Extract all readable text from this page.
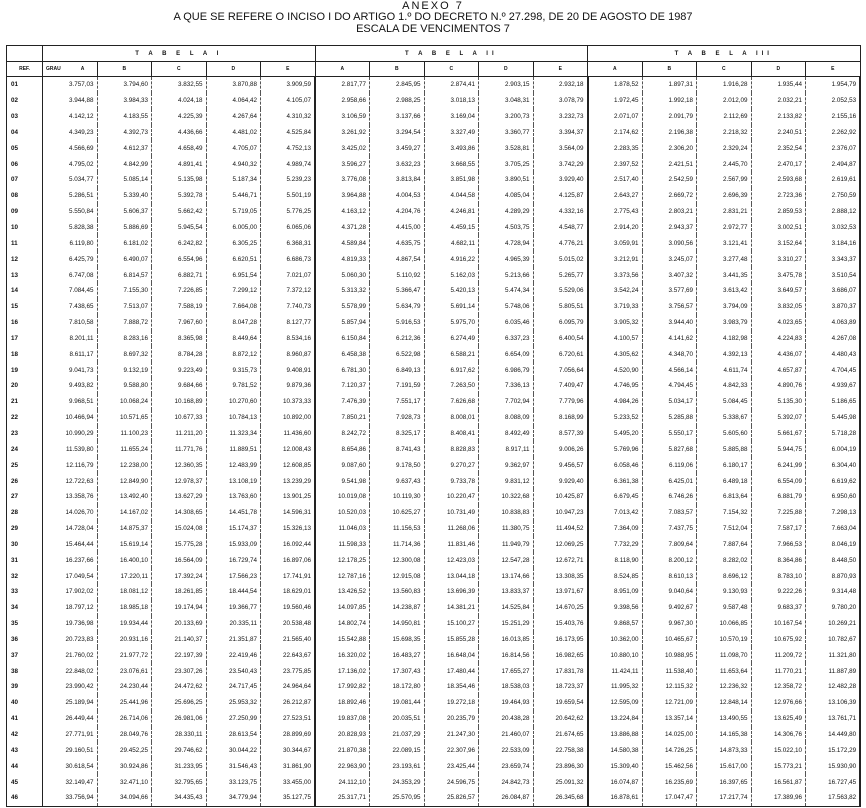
ANEXO 7
A QUE SE REFERE O INCISO I DO ARTIGO 1.º DO DECRETO N.º 27.298, DE 20 DE AGOSTO DE 1987
ESCALA DE VENCIMENTOS 7
	T A B E L A I					T A B E L A II					T A B E L A III				
REF.	GRAU A	B	C	D	E	A	B	C	D	E	A	B	C	D	E
01	3.757,03	3.794,60	3.832,55	3.870,88	3.909,59	2.817,77	2.845,95	2.874,41	2.903,15	2.932,18	1.878,52	1.897,31	1.916,28	1.935,44	1.954,79
02	3.944,88	3.984,33	4.024,18	4.064,42	4.105,07	2.958,66	2.988,25	3.018,13	3.048,31	3.078,79	1.972,45	1.992,18	2.012,09	2.032,21	2.052,53
03	4.142,12	4.183,55	4.225,39	4.267,64	4.310,32	3.106,59	3.137,66	3.169,04	3.200,73	3.232,73	2.071,07	2.091,79	2.112,69	2.133,82	2.155,16
04	4.349,23	4.392,73	4.436,66	4.481,02	4.525,84	3.261,92	3.294,54	3.327,49	3.360,77	3.394,37	2.174,62	2.196,38	2.218,32	2.240,51	2.262,92
05	4.566,69	4.612,37	4.658,49	4.705,07	4.752,13	3.425,02	3.459,27	3.493,86	3.528,81	3.564,09	2.283,35	2.306,20	2.329,24	2.352,54	2.376,07
06	4.795,02	4.842,99	4.891,41	4.940,32	4.989,74	3.596,27	3.632,23	3.668,55	3.705,25	3.742,29	2.397,52	2.421,51	2.445,70	2.470,17	2.494,87
07	5.034,77	5.085,14	5.135,98	5.187,34	5.239,23	3.776,08	3.813,84	3.851,98	3.890,51	3.929,40	2.517,40	2.542,59	2.567,99	2.593,68	2.619,61
08	5.286,51	5.339,40	5.392,78	5.446,71	5.501,19	3.964,88	4.004,53	4.044,58	4.085,04	4.125,87	2.643,27	2.669,72	2.696,39	2.723,36	2.750,59
09	5.550,84	5.606,37	5.662,42	5.719,05	5.776,25	4.163,12	4.204,76	4.246,81	4.289,29	4.332,16	2.775,43	2.803,21	2.831,21	2.859,53	2.888,12
10	5.828,38	5.886,69	5.945,54	6.005,00	6.065,06	4.371,28	4.415,00	4.459,15	4.503,75	4.548,77	2.914,20	2.943,37	2.972,77	3.002,51	3.032,53
11	6.119,80	6.181,02	6.242,82	6.305,25	6.368,31	4.589,84	4.635,75	4.682,11	4.728,94	4.776,21	3.059,91	3.090,56	3.121,41	3.152,64	3.184,16
12	6.425,79	6.490,07	6.554,96	6.620,51	6.686,73	4.819,33	4.867,54	4.916,22	4.965,39	5.015,02	3.212,91	3.245,07	3.277,48	3.310,27	3.343,37
13	6.747,08	6.814,57	6.882,71	6.951,54	7.021,07	5.060,30	5.110,92	5.162,03	5.213,66	5.265,77	3.373,56	3.407,32	3.441,35	3.475,78	3.510,54
14	7.084,45	7.155,30	7.226,85	7.299,12	7.372,12	5.313,32	5.366,47	5.420,13	5.474,34	5.529,06	3.542,24	3.577,69	3.613,42	3.649,57	3.686,07
15	7.438,65	7.513,07	7.588,19	7.664,08	7.740,73	5.578,99	5.634,79	5.691,14	5.748,06	5.805,51	3.719,33	3.756,57	3.794,09	3.832,05	3.870,37
16	7.810,58	7.888,72	7.967,60	8.047,28	8.127,77	5.857,94	5.916,53	5.975,70	6.035,46	6.095,79	3.905,32	3.944,40	3.983,79	4.023,65	4.063,89
17	8.201,11	8.283,16	8.365,98	8.449,64	8.534,16	6.150,84	6.212,36	6.274,49	6.337,23	6.400,54	4.100,57	4.141,62	4.182,98	4.224,83	4.267,08
18	8.611,17	8.697,32	8.784,28	8.872,12	8.960,87	6.458,38	6.522,98	6.588,21	6.654,09	6.720,61	4.305,62	4.348,70	4.392,13	4.436,07	4.480,43
19	9.041,73	9.132,19	9.223,49	9.315,73	9.408,91	6.781,30	6.849,13	6.917,62	6.986,79	7.056,64	4.520,90	4.566,14	4.611,74	4.657,87	4.704,45
20	9.493,82	9.588,80	9.684,66	9.781,52	9.879,36	7.120,37	7.191,59	7.263,50	7.336,13	7.409,47	4.746,95	4.794,45	4.842,33	4.890,76	4.939,67
21	9.968,51	10.068,24	10.168,89	10.270,60	10.373,33	7.476,39	7.551,17	7.626,68	7.702,94	7.779,96	4.984,26	5.034,17	5.084,45	5.135,30	5.186,65
22	10.466,94	10.571,65	10.677,33	10.784,13	10.892,00	7.850,21	7.928,73	8.008,01	8.088,09	8.168,99	5.233,52	5.285,88	5.338,67	5.392,07	5.445,98
23	10.990,29	11.100,23	11.211,20	11.323,34	11.436,60	8.242,72	8.325,17	8.408,41	8.492,49	8.577,39	5.495,20	5.550,17	5.605,60	5.661,67	5.718,28
24	11.539,80	11.655,24	11.771,76	11.889,51	12.008,43	8.654,86	8.741,43	8.828,83	8.917,11	9.006,26	5.769,96	5.827,68	5.885,88	5.944,75	6.004,19
25	12.116,79	12.238,00	12.360,35	12.483,99	12.608,85	9.087,60	9.178,50	9.270,27	9.362,97	9.456,57	6.058,46	6.119,06	6.180,17	6.241,99	6.304,40
26	12.722,63	12.849,90	12.978,37	13.108,19	13.239,29	9.541,98	9.637,43	9.733,78	9.831,12	9.929,40	6.361,38	6.425,01	6.489,18	6.554,09	6.619,62
27	13.358,76	13.492,40	13.627,29	13.763,60	13.901,25	10.019,08	10.119,30	10.220,47	10.322,68	10.425,87	6.679,45	6.746,26	6.813,64	6.881,79	6.950,60
28	14.026,70	14.167,02	14.308,65	14.451,78	14.596,31	10.520,03	10.625,27	10.731,49	10.838,83	10.947,23	7.013,42	7.083,57	7.154,32	7.225,88	7.298,13
29	14.728,04	14.875,37	15.024,08	15.174,37	15.326,13	11.046,03	11.156,53	11.268,06	11.380,75	11.494,52	7.364,09	7.437,75	7.512,04	7.587,17	7.663,04
30	15.464,44	15.619,14	15.775,28	15.933,09	16.092,44	11.598,33	11.714,36	11.831,46	11.949,79	12.069,25	7.732,29	7.809,64	7.887,64	7.966,53	8.046,19
31	16.237,66	16.400,10	16.564,09	16.729,74	16.897,06	12.178,25	12.300,08	12.423,03	12.547,28	12.672,71	8.118,90	8.200,12	8.282,02	8.364,86	8.448,50
32	17.049,54	17.220,11	17.392,24	17.566,23	17.741,91	12.787,16	12.915,08	13.044,18	13.174,66	13.308,35	8.524,85	8.610,13	8.696,12	8.783,10	8.870,93
33	17.902,02	18.081,12	18.261,85	18.444,54	18.629,01	13.426,52	13.560,83	13.696,39	13.833,37	13.971,67	8.951,09	9.040,64	9.130,93	9.222,26	9.314,48
34	18.797,12	18.985,18	19.174,94	19.366,77	19.560,46	14.097,85	14.238,87	14.381,21	14.525,84	14.670,25	9.398,56	9.492,67	9.587,48	9.683,37	9.780,20
35	19.736,98	19.934,44	20.133,69	20.335,11	20.538,48	14.802,74	14.950,81	15.100,27	15.251,29	15.403,76	9.868,57	9.967,30	10.066,85	10.167,54	10.269,21
36	20.723,83	20.931,16	21.140,37	21.351,87	21.565,40	15.542,88	15.698,35	15.855,28	16.013,85	16.173,95	10.362,00	10.465,67	10.570,19	10.675,92	10.782,67
37	21.760,02	21.977,72	22.197,39	22.419,46	22.643,67	16.320,02	16.483,27	16.648,04	16.814,56	16.982,65	10.880,10	10.988,95	11.098,70	11.209,72	11.321,80
38	22.848,02	23.076,61	23.307,26	23.540,43	23.775,85	17.136,02	17.307,43	17.480,44	17.655,27	17.831,78	11.424,11	11.538,40	11.653,64	11.770,21	11.887,89
39	23.990,42	24.230,44	24.472,62	24.717,45	24.964,64	17.992,82	18.172,80	18.354,46	18.538,03	18.723,37	11.995,32	12.115,32	12.236,32	12.358,72	12.482,28
40	25.189,94	25.441,96	25.696,25	25.953,32	26.212,87	18.892,46	19.081,44	19.272,18	19.464,93	19.659,54	12.595,09	12.721,09	12.848,14	12.976,66	13.106,39
41	26.449,44	26.714,06	26.981,06	27.250,99	27.523,51	19.837,08	20.035,51	20.235,79	20.438,28	20.642,62	13.224,84	13.357,14	13.490,55	13.625,49	13.761,71
42	27.771,91	28.049,76	28.330,11	28.613,54	28.899,69	20.828,93	21.037,29	21.247,30	21.460,07	21.674,65	13.886,88	14.025,00	14.165,38	14.306,76	14.449,80
43	29.160,51	29.452,25	29.746,62	30.044,22	30.344,67	21.870,38	22.089,15	22.307,96	22.533,09	22.758,38	14.580,38	14.726,25	14.873,33	15.022,10	15.172,29
44	30.618,54	30.924,86	31.233,95	31.546,43	31.861,90	22.963,90	23.193,61	23.425,44	23.659,74	23.896,30	15.309,40	15.462,56	15.617,00	15.773,21	15.930,90
45	32.149,47	32.471,10	32.795,65	33.123,75	33.455,00	24.112,10	24.353,29	24.596,75	24.842,73	25.091,32	16.074,87	16.235,69	16.397,65	16.561,87	16.727,45
46	33.756,94	34.094,66	34.435,43	34.779,94	35.127,75	25.317,71	25.570,95	25.826,57	26.084,87	26.345,68	16.878,61	17.047,47	17.217,74	17.389,96	17.563,82
